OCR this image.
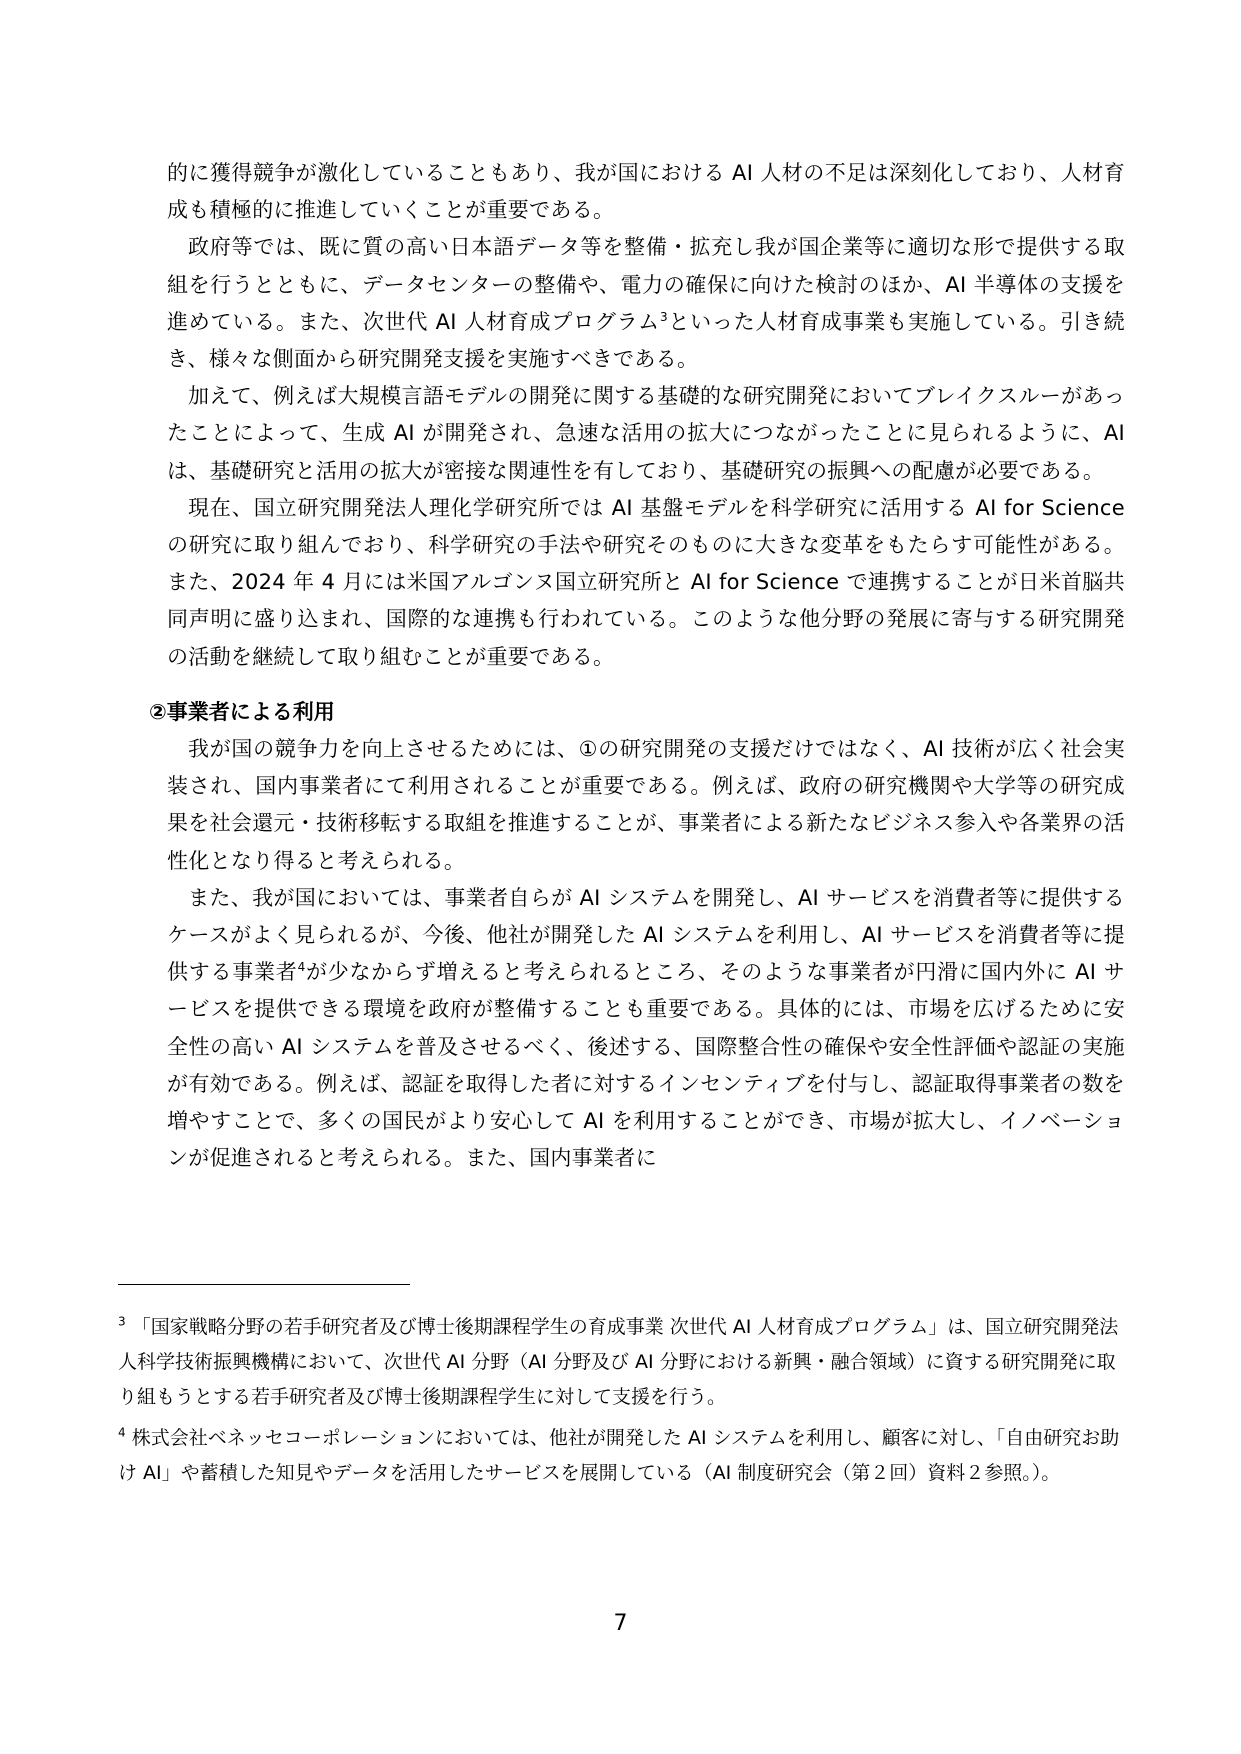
的に獲得競争が激化していることもあり、我が国における AI 人材の不足は深刻化しており、人材育成も積極的に推進していくことが重要である。

政府等では、既に質の高い日本語データ等を整備・拡充し我が国企業等に適切な形で提供する取組を行うとともに、データセンターの整備や、電力の確保に向けた検討のほか、AI 半導体の支援を進めている。また、次世代 AI 人材育成プログラム$^3$といった人材育成事業も実施している。引き続き、様々な側面から研究開発支援を実施すべきである。

加えて、例えば大規模言語モデルの開発に関する基礎的な研究開発においてブレイクスルーがあったことによって、生成 AI が開発され、急速な活用の拡大につながったことに見られるように、AI は、基礎研究と活用の拡大が密接な関連性を有しており、基礎研究の振興への配慮が必要である。

現在、国立研究開発法人理化学研究所では AI 基盤モデルを科学研究に活用する AI for Science の研究に取り組んでおり、科学研究の手法や研究そのものに大きな変革をもたらす可能性がある。また、2024 年 4 月には米国アルゴンヌ国立研究所と AI for Science で連携することが日米首脳共同声明に盛り込まれ、国際的な連携も行われている。このような他分野の発展に寄与する研究開発の活動を継続して取り組むことが重要である。

②事業者による利用

我が国の競争力を向上させるためには、①の研究開発の支援だけではなく、AI 技術が広く社会実装され、国内事業者にて利用されることが重要である。例えば、政府の研究機関や大学等の研究成果を社会還元・技術移転する取組を推進することが、事業者による新たなビジネス参入や各業界の活性化となり得ると考えられる。

また、我が国においては、事業者自らが AI システムを開発し、AI サービスを消費者等に提供するケースがよく見られるが、今後、他社が開発した AI システムを利用し、AI サービスを消費者等に提供する事業者$^4$が少なからず増えると考えられるところ、そのような事業者が円滑に国内外に AI サービスを提供できる環境を政府が整備することも重要である。具体的には、市場を広げるために安全性の高い AI システムを普及させるべく、後述する、国際整合性の確保や安全性評価や認証の実施が有効である。例えば、認証を取得した者に対するインセンティブを付与し、認証取得事業者の数を増やすことで、多くの国民がより安心して AI を利用することができ、市場が拡大し、イノベーションが促進されると考えられる。また、国内事業者に

$^3$ 「国家戦略分野の若手研究者及び博士後期課程学生の育成事業 次世代 AI 人材育成プログラム」は、国立研究開発法人科学技術振興機構において、次世代 AI 分野（AI 分野及び AI 分野における新興・融合領域）に資する研究開発に取り組もうとする若手研究者及び博士後期課程学生に対して支援を行う。

$^4$ 株式会社ベネッセコーポレーションにおいては、他社が開発した AI システムを利用し、顧客に対し、「自由研究お助け AI」や蓄積した知見やデータを活用したサービスを展開している（AI 制度研究会（第２回）資料２参照。）。

7
